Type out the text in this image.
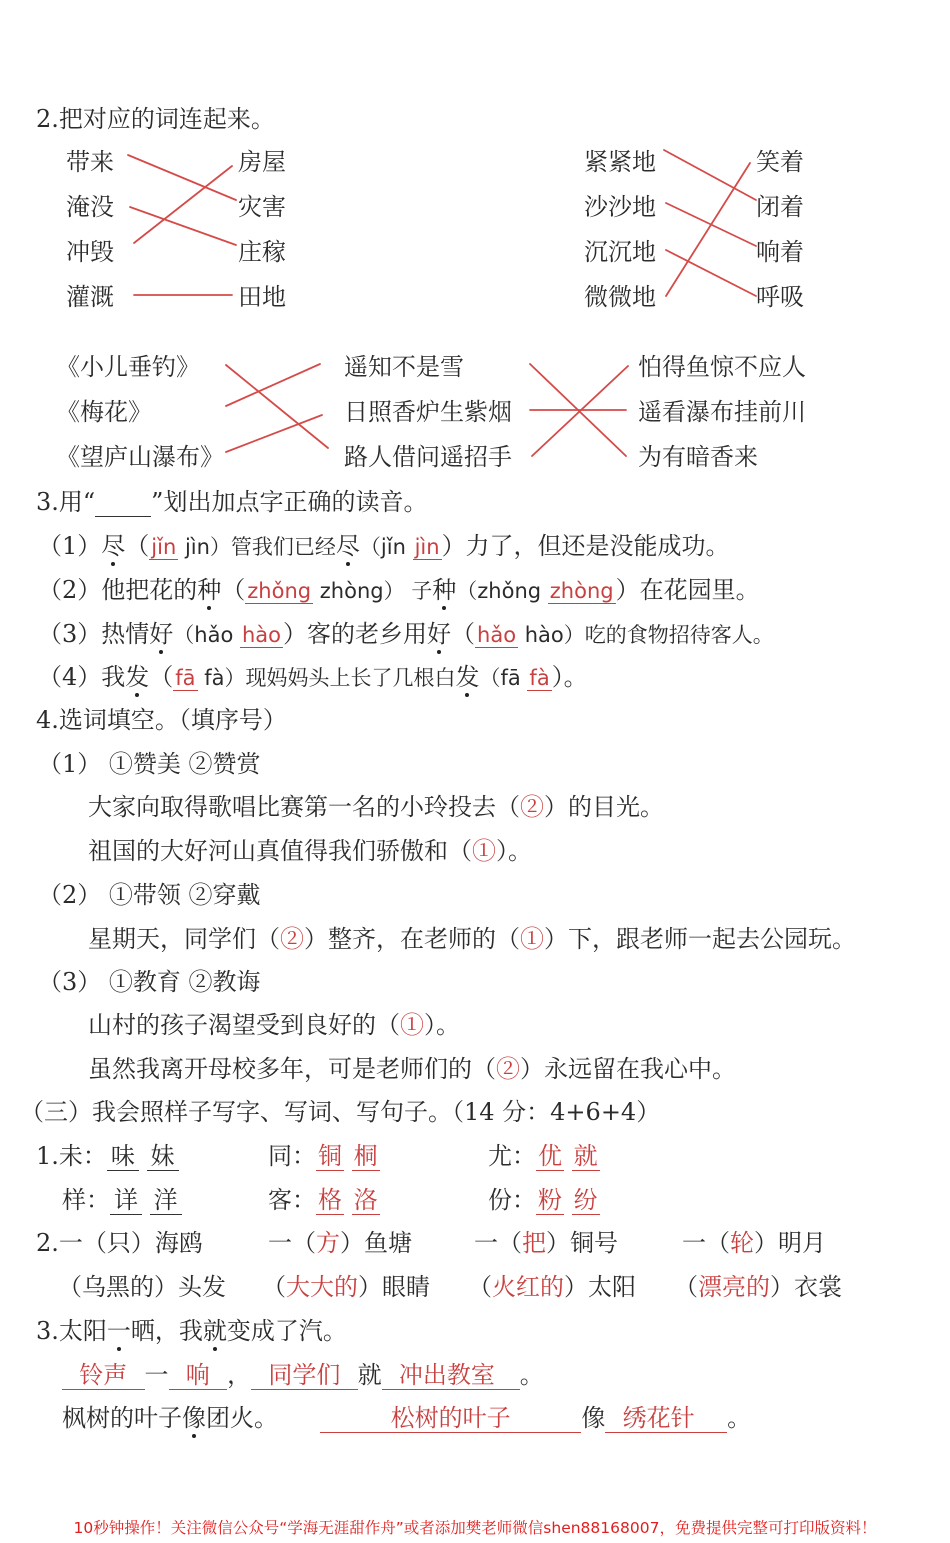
2.把对应的词连起来。
带来
淹没
冲毁
灌溉
房屋
灾害
庄稼
田地
紧紧地
沙沙地
沉沉地
微微地
笑着
闭着
响着
呼吸
《小儿垂钓》
《梅花》
《望庐山瀑布》
遥知不是雪
日照香炉生紫烟
路人借问遥招手
怕得鱼惊不应人
遥看瀑布挂前川
为有暗香来
3.用“   ”划出加点字正确的读音。
（1）尽（jǐn jìn）管我们已经尽（jǐn jìn）力了，但还是没能成功。
（2）他把花的种（zhǒng zhòng） 子种（zhǒng zhòng）在花园里。
（3）热情好（hǎo hào）客的老乡用好（hǎo hào）吃的食物招待客人。
（4）我发（fā fà）现妈妈头上长了几根白发（fā fà）。
4.选词填空。（填序号）
（1） ①赞美 ②赞赏
大家向取得歌唱比赛第一名的小玲投去（②）的目光。
祖国的大好河山真值得我们骄傲和（①）。
（2） ①带领 ②穿戴
星期天，同学们（②）整齐，在老师的（①）下，跟老师一起去公园玩。
（3） ①教育 ②教诲
山村的孩子渴望受到良好的（①）。
虽然我离开母校多年，可是老师们的（②）永远留在我心中。
（三）我会照样子写字、写词、写句子。（14 分：4+6+4）
1.未： 味 妹	同：铜 桐	尤：优 就
样： 详 洋	客：格 洛	份：粉 纷
2.一（只）海鸥	一（方）鱼塘	一（把）铜号	一（轮）明月
（乌黑的）头发 （大大的）眼睛 （火红的）太阳 （漂亮的）衣裳
3.太阳一晒，我就变成了汽。
铃声 一 响 ， 同学们 就 冲出教室 。
枫树的叶子像团火。	松树的叶子	像 绣花针 。
10秒钟操作！关注微信公众号“学海无涯甜作舟”或者添加樊老师微信shen88168007，免费提供完整可打印版资料！
